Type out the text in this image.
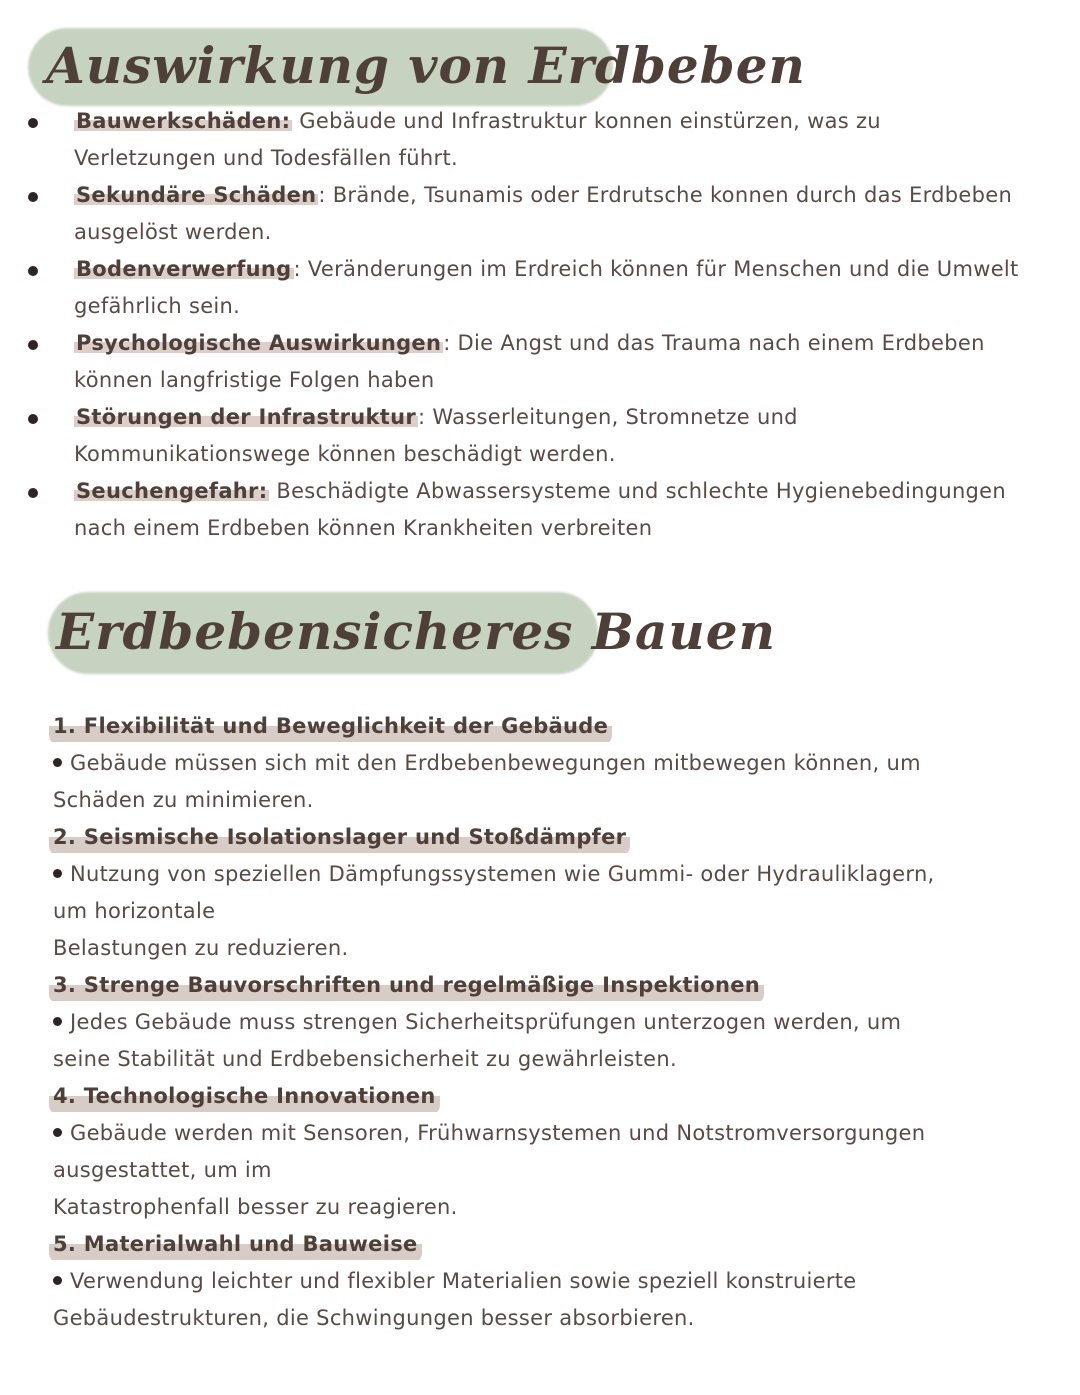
Auswirkung von Erdbeben
Bauwerkschäden: Gebäude und Infrastruktur konnen einstürzen, was zu Verletzungen und Todesfällen führt.
Sekundäre Schäden: Brände, Tsunamis oder Erdrutsche konnen durch das Erdbeben ausgelöst werden.
Bodenverwerfung: Veränderungen im Erdreich können für Menschen und die Umwelt gefährlich sein.
Psychologische Auswirkungen: Die Angst und das Trauma nach einem Erdbeben können langfristige Folgen haben
Störungen der Infrastruktur: Wasserleitungen, Stromnetze und Kommunikationswege können beschädigt werden.
Seuchengefahr: Beschädigte Abwassersysteme und schlechte Hygienebedingungen nach einem Erdbeben können Krankheiten verbreiten
Erdbebensicheres Bauen
1. Flexibilität und Beweglichkeit der Gebäude

Gebäude müssen sich mit den Erdbebenbewegungen mitbewegen können, um
Schäden zu minimieren.

2. Seismische Isolationslager und Stoßdämpfer

Nutzung von speziellen Dämpfungssystemen wie Gummi- oder Hydrauliklagern,
um horizontale
Belastungen zu reduzieren.

3. Strenge Bauvorschriften und regelmäßige Inspektionen

Jedes Gebäude muss strengen Sicherheitsprüfungen unterzogen werden, um
seine Stabilität und Erdbebensicherheit zu gewährleisten.

4. Technologische Innovationen

Gebäude werden mit Sensoren, Frühwarnsystemen und Notstromversorgungen
ausgestattet, um im
Katastrophenfall besser zu reagieren.

5. Materialwahl und Bauweise

Verwendung leichter und flexibler Materialien sowie speziell konstruierte
Gebäudestrukturen, die Schwingungen besser absorbieren.
